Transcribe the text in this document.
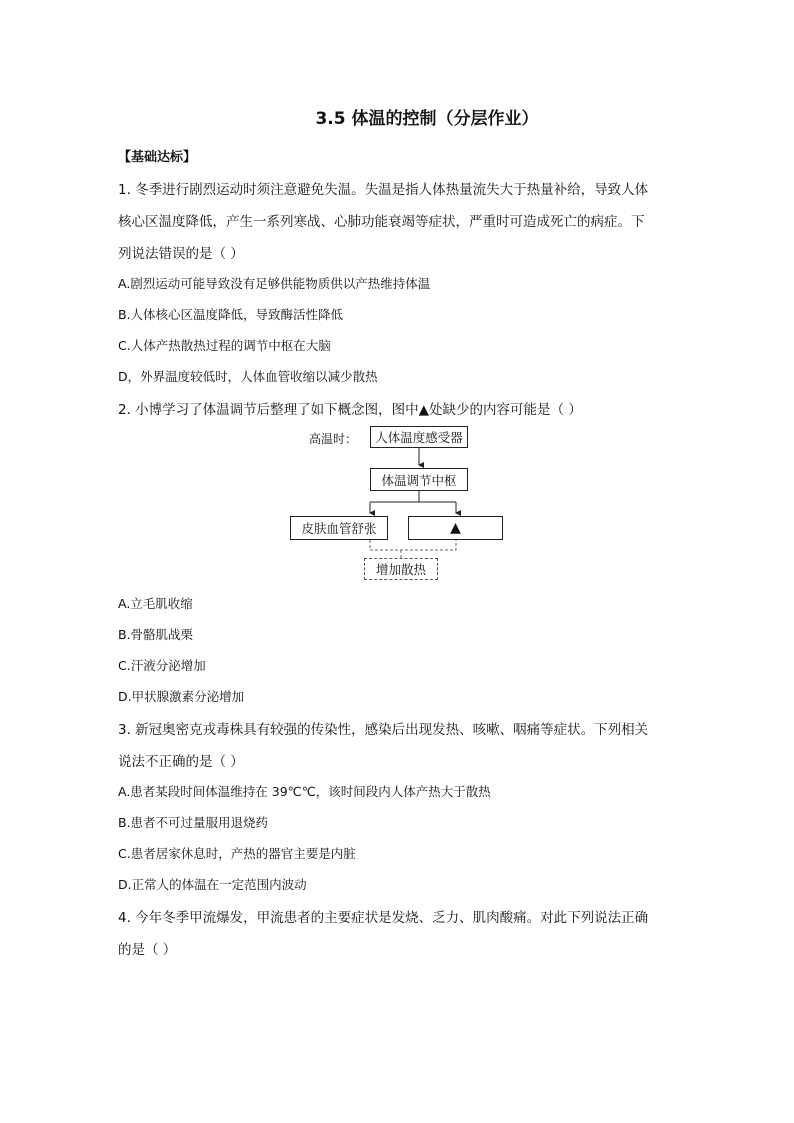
3.5 体温的控制（分层作业）
【基础达标】
1. 冬季进行剧烈运动时须注意避免失温。失温是指人体热量流失大于热量补给，导致人体
核心区温度降低，产生一系列寒战、心肺功能衰竭等症状，严重时可造成死亡的病症。下
列说法错误的是（ ）
A.剧烈运动可能导致没有足够供能物质供以产热维持体温
B.人体核心区温度降低，导致酶活性降低
C.人体产热散热过程的调节中枢在大脑
D，外界温度较低时，人体血管收缩以减少散热
2. 小博学习了体温调节后整理了如下概念图，图中▲处缺少的内容可能是（ ）
高温时：	人体温度感受器
体温调节中枢
皮肤血管舒张	▲
增加散热
A.立毛肌收缩
B.骨骼肌战栗
C.汗液分泌增加
D.甲状腺激素分泌增加
3. 新冠奥密克戎毒株具有较强的传染性，感染后出现发热、咳嗽、咽痛等症状。下列相关
说法不正确的是（ ）
A.患者某段时间体温维持在 39℃℃，该时间段内人体产热大于散热
B.患者不可过量服用退烧药
C.患者居家休息时，产热的器官主要是内脏
D.正常人的体温在一定范围内波动
4. 今年冬季甲流爆发，甲流患者的主要症状是发烧、乏力、肌肉酸痛。对此下列说法正确
的是（ ）
